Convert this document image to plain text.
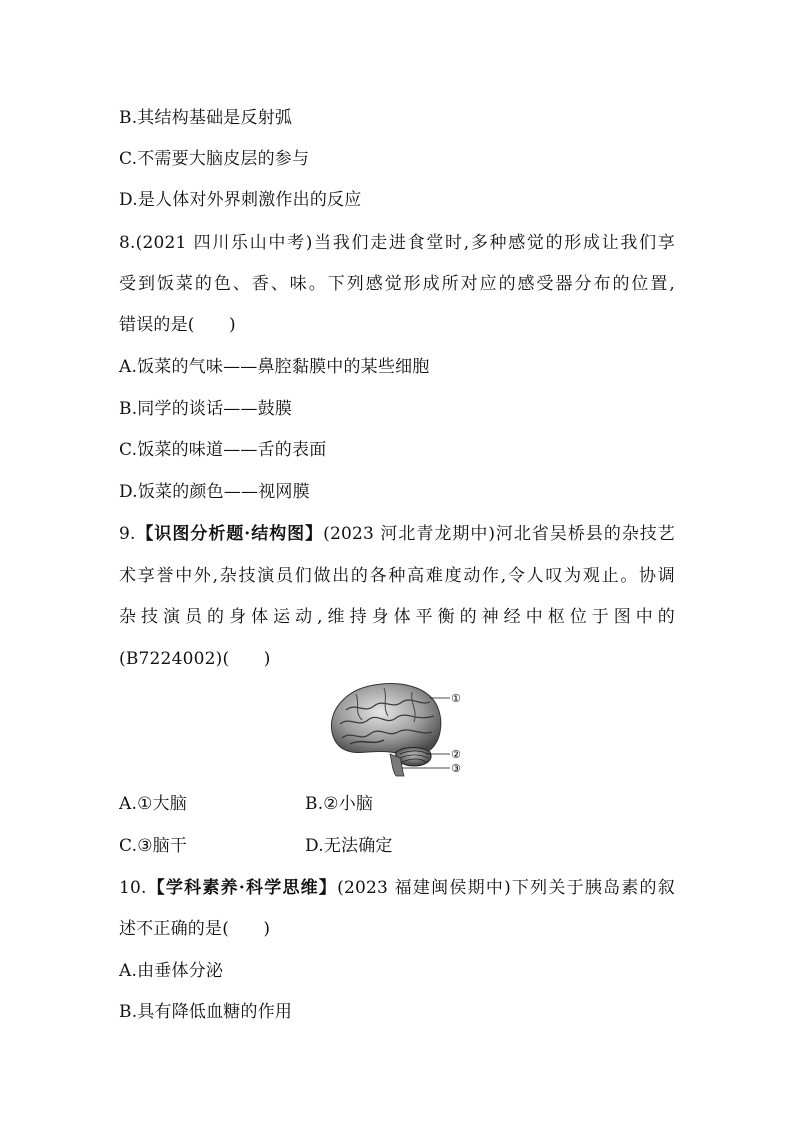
B.其结构基础是反射弧
C.不需要大脑皮层的参与
D.是人体对外界刺激作出的反应
8.(2021 四川乐山中考)当我们走进食堂时,多种感觉的形成让我们享
受到饭菜的色、香、味。下列感觉形成所对应的感受器分布的位置,
错误的是(　　)
A.饭菜的气味——鼻腔黏膜中的某些细胞
B.同学的谈话——鼓膜
C.饭菜的味道——舌的表面
D.饭菜的颜色——视网膜
9.【识图分析题·结构图】(2023 河北青龙期中)河北省吴桥县的杂技艺
术享誉中外,杂技演员们做出的各种高难度动作,令人叹为观止。协调
杂技演员的身体运动,维持身体平衡的神经中枢位于图中的
(B7224002)(　　)
①
②
③
A.①大脑	B.②小脑
C.③脑干	D.无法确定
10.【学科素养·科学思维】(2023 福建闽侯期中)下列关于胰岛素的叙
述不正确的是(　　)
A.由垂体分泌
B.具有降低血糖的作用
